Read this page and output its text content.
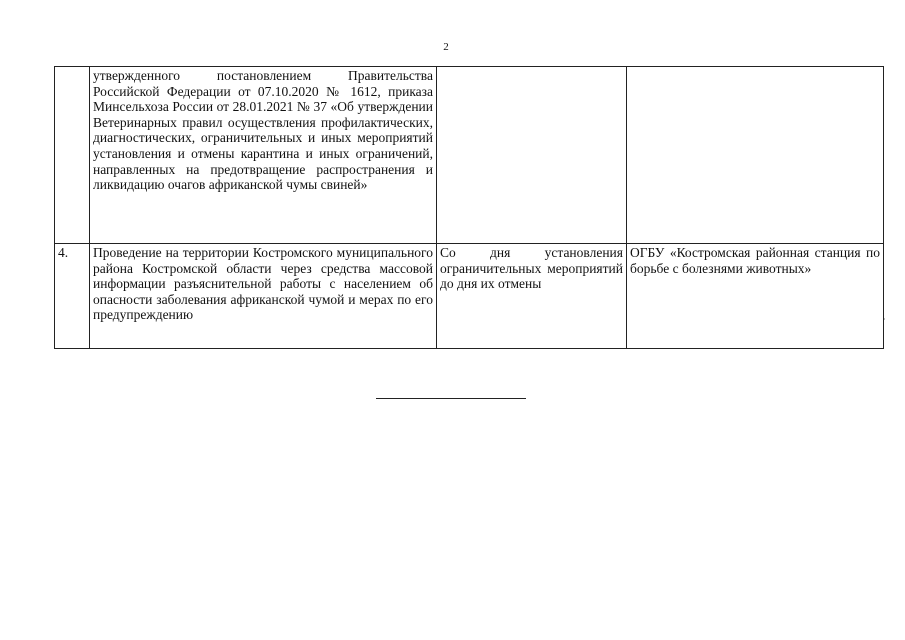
2
	утвержденного постановлением Правительства Российской Федерации от 07.10.2020 № 1612, приказа Минсельхоза России от 28.01.2021 № 37 «Об утверждении Ветеринарных правил осуществления профилактических, диагностических, ограничительных и иных мероприятий установления и отмены карантина и иных ограничений, направленных на предотвращение распространения и ликвидацию очагов африканской чумы свиней»		

4.	Проведение на территории Костромского муниципального района Костромской области через средства массовой информации разъяснительной работы с населением об опасности заболевания африканской чумой и мерах по его предупреждению	Со дня установления ограничительных мероприятий до дня их отмены	ОГБУ «Костромская районная станция по борьбе с болезнями животных»
